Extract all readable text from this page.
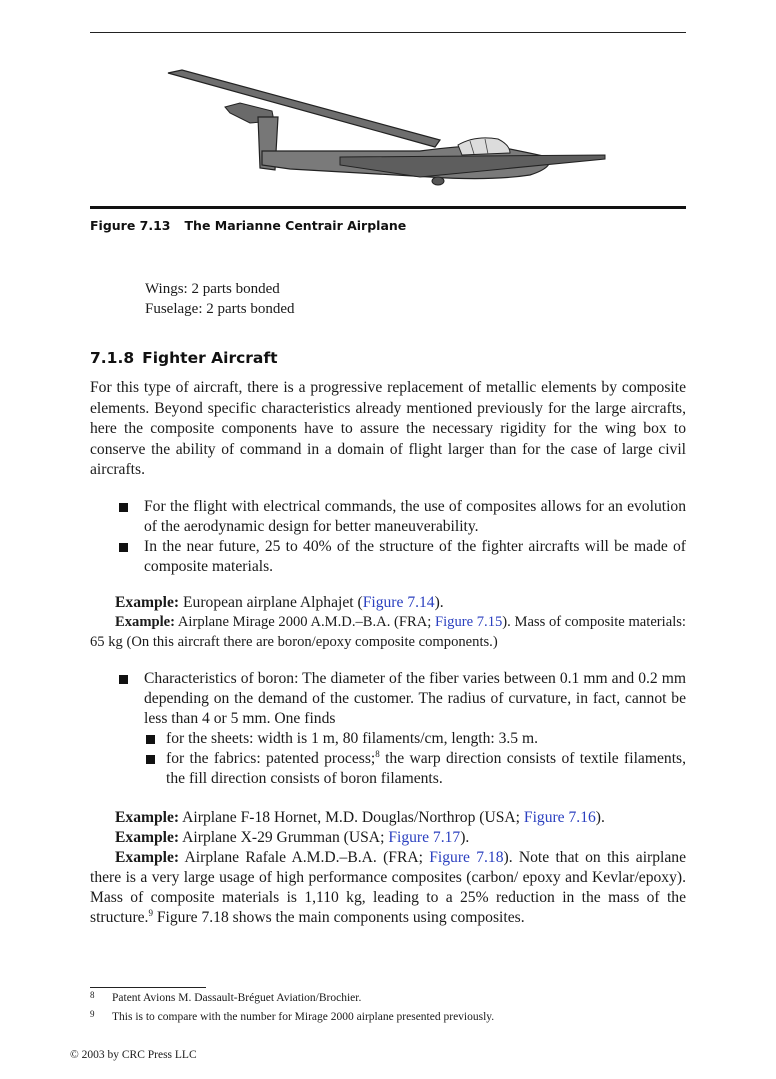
Figure 7.13 The Marianne Centrair Airplane
Wings: 2 parts bonded
Fuselage: 2 parts bonded
7.1.8 Fighter Aircraft
For this type of aircraft, there is a progressive replacement of metallic elements by composite elements. Beyond specific characteristics already mentioned previously for the large aircrafts, here the composite components have to assure the necessary rigidity for the wing box to conserve the ability of command in a domain of flight larger than for the case of large civil aircrafts.
For the flight with electrical commands, the use of composites allows for an evolution of the aerodynamic design for better maneuverability.
In the near future, 25 to 40% of the structure of the fighter aircrafts will be made of composite materials.
Example: European airplane Alphajet (Figure 7.14).
Example: Airplane Mirage 2000 A.M.D.–B.A. (FRA; Figure 7.15). Mass of composite materials: 65 kg (On this aircraft there are boron/epoxy composite components.)
Characteristics of boron: The diameter of the fiber varies between 0.1 mm and 0.2 mm depending on the demand of the customer. The radius of curvature, in fact, cannot be less than 4 or 5 mm. One finds
for the sheets: width is 1 m, 80 filaments/cm, length: 3.5 m.
for the fabrics: patented process;$^8$ the warp direction consists of textile filaments, the fill direction consists of boron filaments.
Example: Airplane F-18 Hornet, M.D. Douglas/Northrop (USA; Figure 7.16).
Example: Airplane X-29 Grumman (USA; Figure 7.17).
Example: Airplane Rafale A.M.D.–B.A. (FRA; Figure 7.18). Note that on this airplane there is a very large usage of high performance composites (carbon/ epoxy and Kevlar/epoxy). Mass of composite materials is 1,110 kg, leading to a 25% reduction in the mass of the structure.$^9$ Figure 7.18 shows the main components using composites.
8 Patent Avions M. Dassault-Bréguet Aviation/Brochier.
9 This is to compare with the number for Mirage 2000 airplane presented previously.
© 2003 by CRC Press LLC
